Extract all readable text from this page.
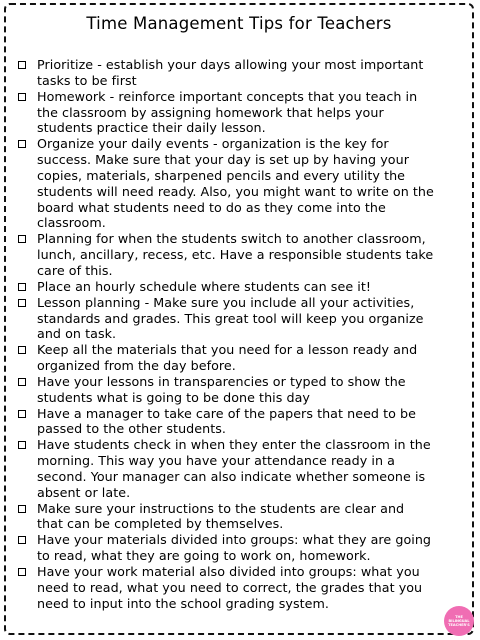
Time Management Tips for Teachers
Prioritize - establish your days allowing your most important
tasks to be first
Homework - reinforce important concepts that you teach in
the classroom by assigning homework that helps your
students practice their daily lesson.
Organize your daily events - organization is the key for
success. Make sure that your day is set up by having your
copies, materials, sharpened pencils and every utility the
students will need ready. Also, you might want to write on the
board what students need to do as they come into the
classroom.
Planning for when the students switch to another classroom,
lunch, ancillary, recess, etc. Have a responsible students take
care of this.
Place an hourly schedule where students can see it!
Lesson planning - Make sure you include all your activities,
standards and grades. This great tool will keep you organize
and on task.
Keep all the materials that you need for a lesson ready and
organized from the day before.
Have your lessons in transparencies or typed to show the
students what is going to be done this day
Have a manager to take care of the papers that need to be
passed to the other students.
Have students check in when they enter the classroom in the
morning. This way you have your attendance ready in a
second. Your manager can also indicate whether someone is
absent or late.
Make sure your instructions to the students are clear and
that can be completed by themselves.
Have your materials divided into groups: what they are going
to read, what they are going to work on, homework.
Have your work material also divided into groups: what you
need to read, what you need to correct, the grades that you
need to input into the school grading system.
THE BILINGUAL TEACHER'S
